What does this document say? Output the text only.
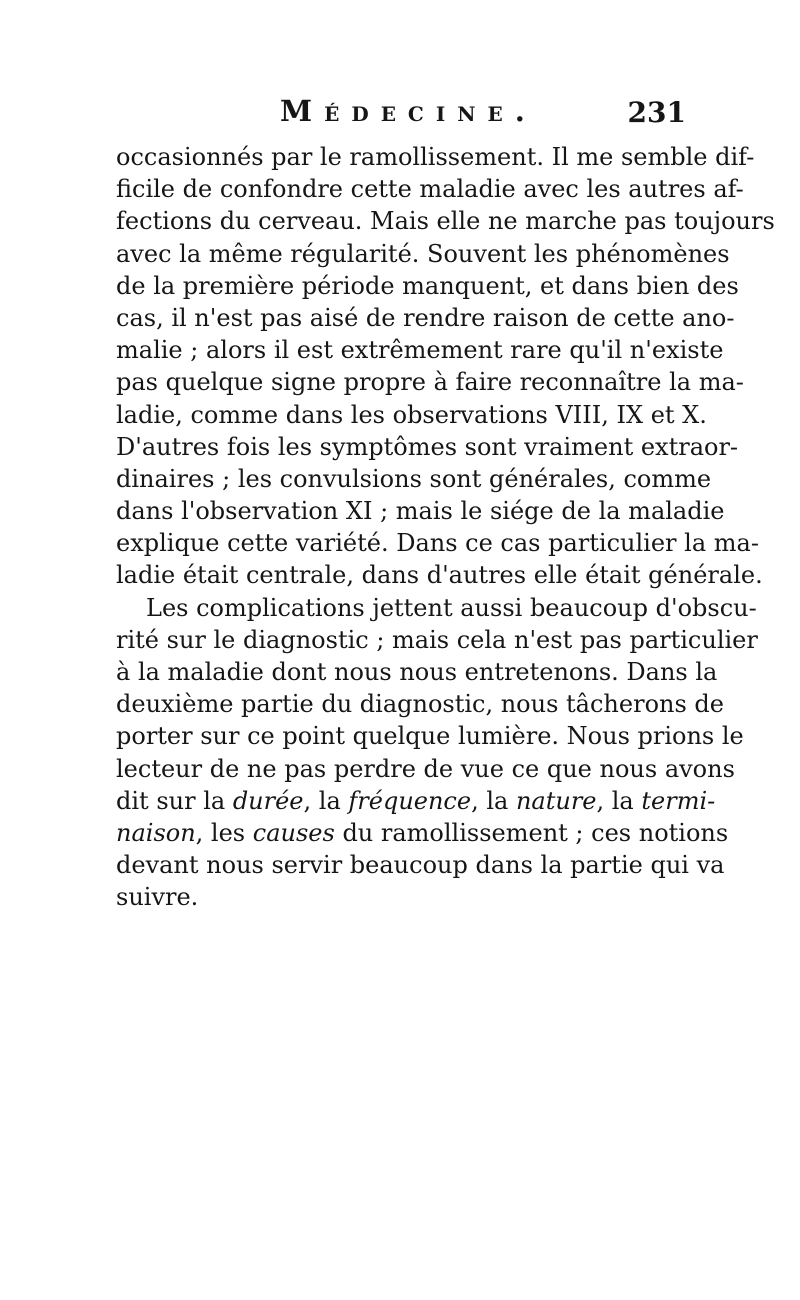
Médecine.	231
occasionnés par le ramollissement. Il me semble dif-
ficile de confondre cette maladie avec les autres af-
fections du cerveau. Mais elle ne marche pas toujours
avec la même régularité. Souvent les phénomènes
de la première période manquent, et dans bien des
cas, il n'est pas aisé de rendre raison de cette ano-
malie ; alors il est extrêmement rare qu'il n'existe
pas quelque signe propre à faire reconnaître la ma-
ladie, comme dans les observations VIII, IX et X.
D'autres fois les symptômes sont vraiment extraor-
dinaires ; les convulsions sont générales, comme
dans l'observation XI ; mais le siége de la maladie
explique cette variété. Dans ce cas particulier la ma-
ladie était centrale, dans d'autres elle était générale.
Les complications jettent aussi beaucoup d'obscu-
rité sur le diagnostic ; mais cela n'est pas particulier
à la maladie dont nous nous entretenons. Dans la
deuxième partie du diagnostic, nous tâcherons de
porter sur ce point quelque lumière. Nous prions le
lecteur de ne pas perdre de vue ce que nous avons
dit sur la durée, la fréquence, la nature, la termi-
naison, les causes du ramollissement ; ces notions
devant nous servir beaucoup dans la partie qui va
suivre.
